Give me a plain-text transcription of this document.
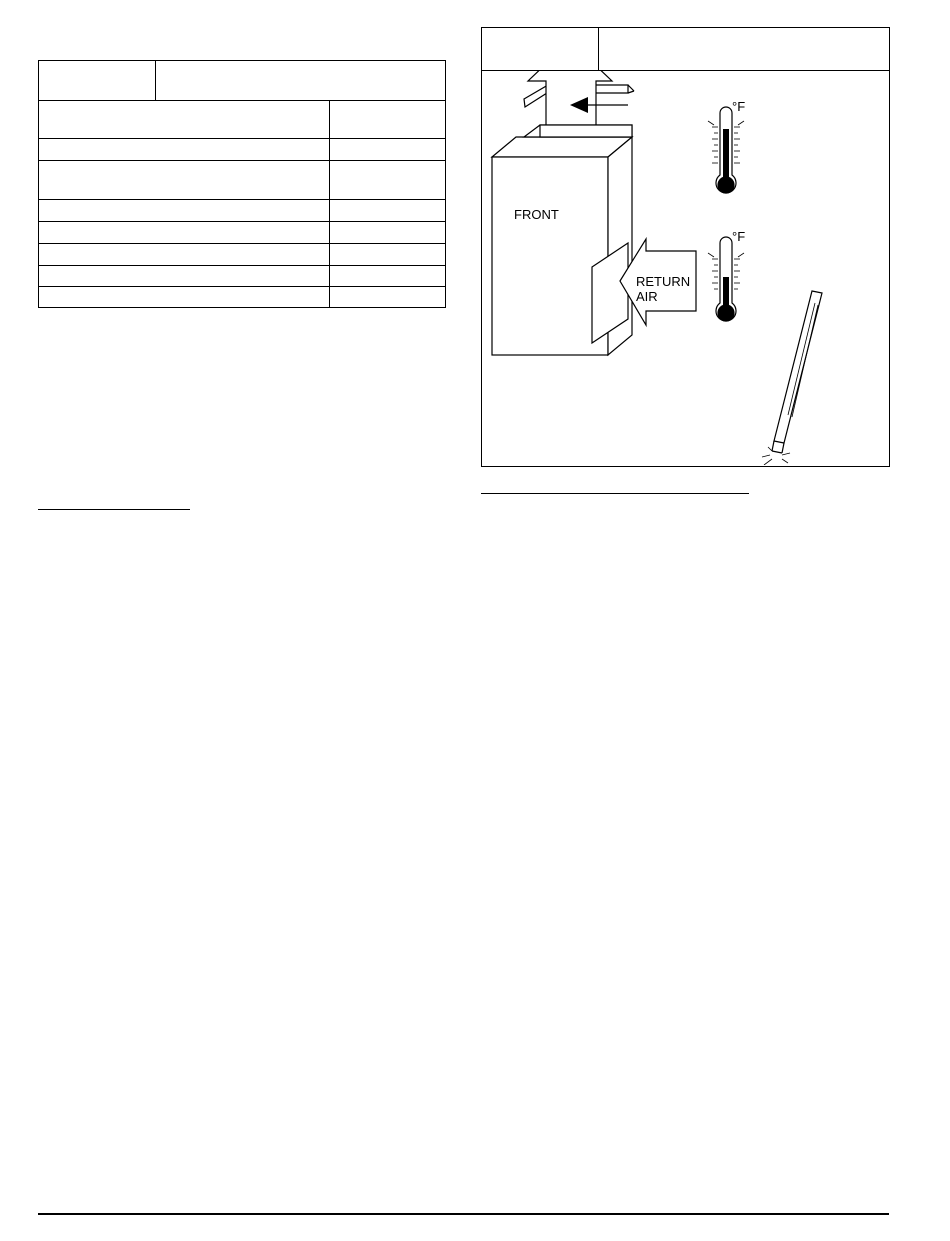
FRONT
RETURN
AIR
°F
°F
